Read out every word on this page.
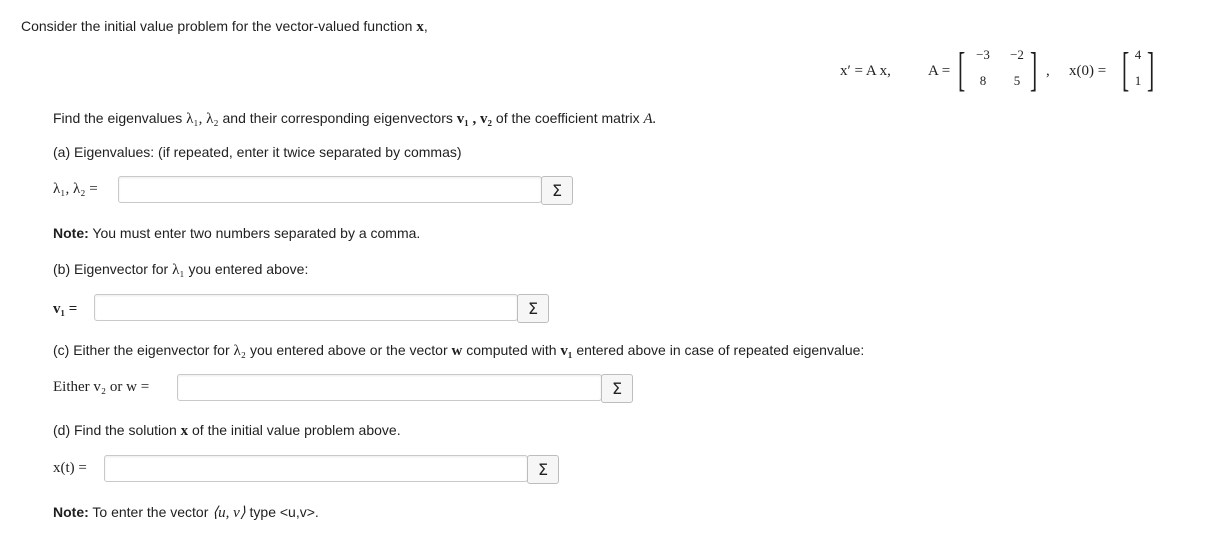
Consider the initial value problem for the vector-valued function x,
x′ = A x, A = [ −3	−2
8	5 ] , x(0) = [ 4
1 ]
Find the eigenvalues λ₁, λ₂ and their corresponding eigenvectors v₁ , v₂ of the coefficient matrix A.
(a) Eigenvalues: (if repeated, enter it twice separated by commas)
λ₁, λ₂ =	Σ
Note: You must enter two numbers separated by a comma.
(b) Eigenvector for λ₁ you entered above:
v₁ =	Σ
(c) Either the eigenvector for λ₂ you entered above or the vector w computed with v₁ entered above in case of repeated eigenvalue:
Either v₂ or w =	Σ
(d) Find the solution x of the initial value problem above.
x(t) =	Σ
Note: To enter the vector ⟨u, v⟩ type <u,v>.
